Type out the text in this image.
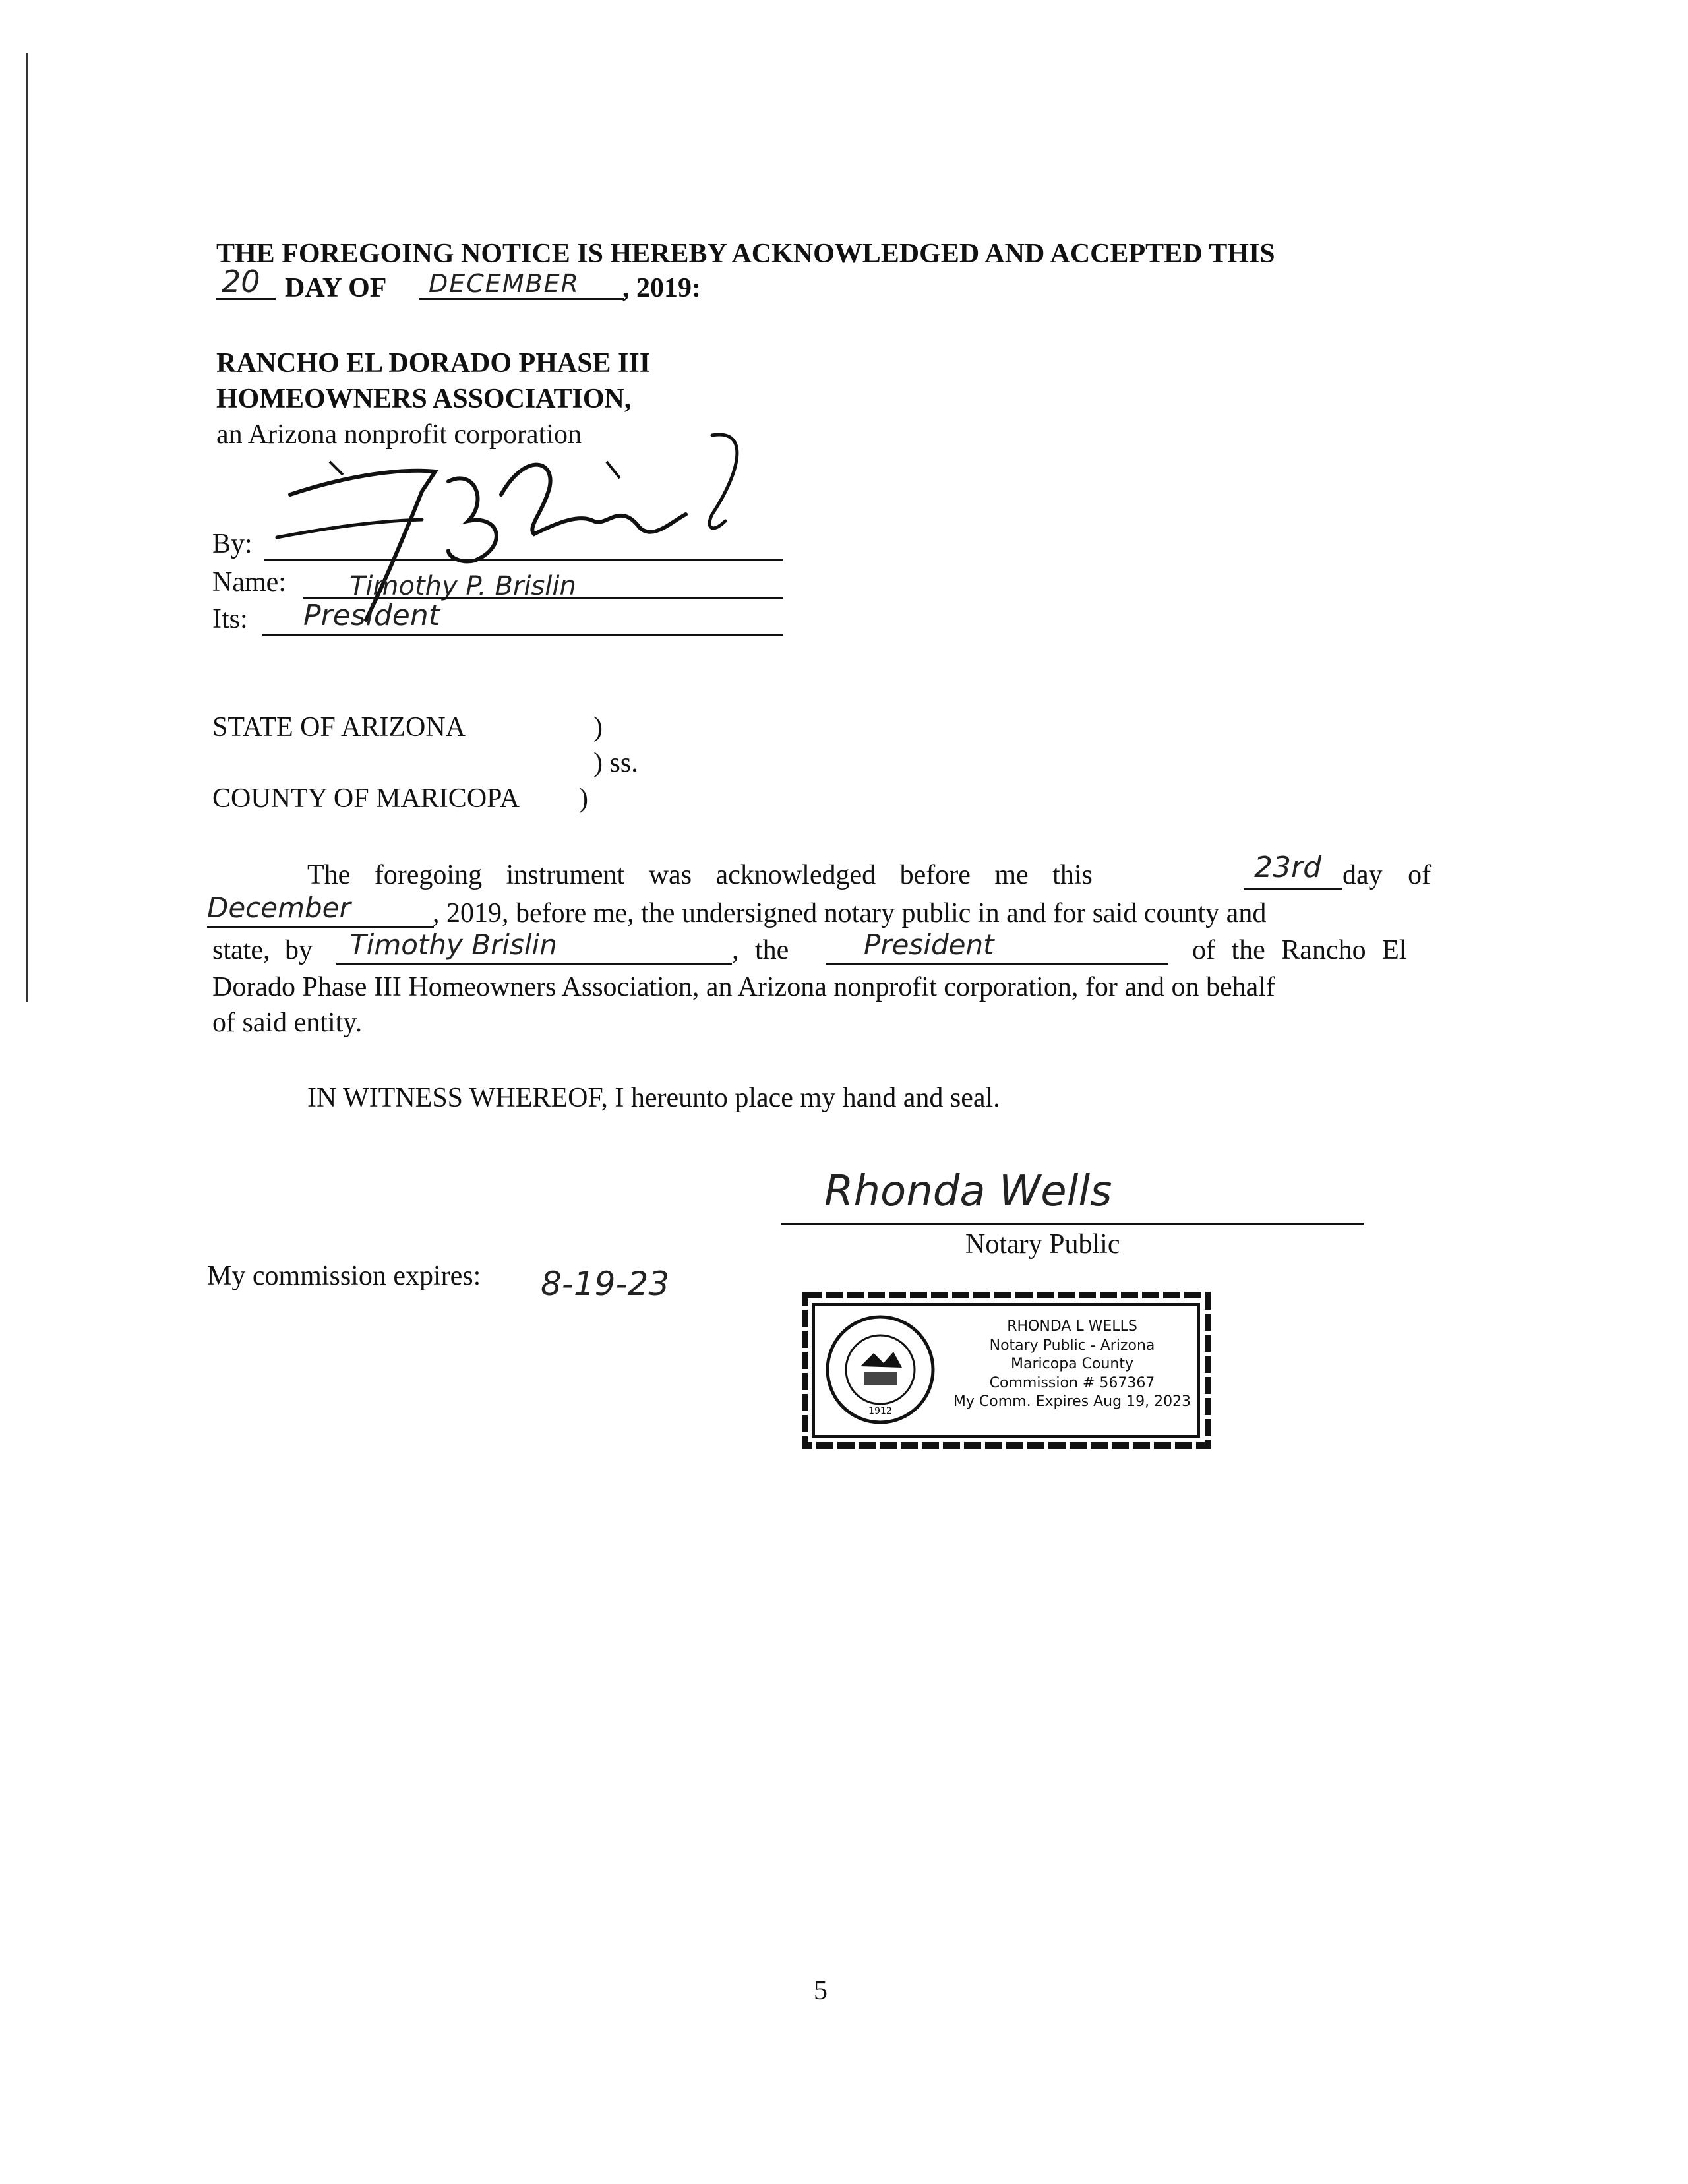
THE FOREGOING NOTICE IS HEREBY ACKNOWLEDGED AND ACCEPTED THIS
20 DAY OF DECEMBER , 2019:
RANCHO EL DORADO PHASE III
HOMEOWNERS ASSOCIATION,
an Arizona nonprofit corporation
By:
Name: Timothy P. Brislin
Its: President
STATE OF ARIZONA	)
) ss.
COUNTY OF MARICOPA )
The foregoing instrument was acknowledged before me this	23rd day of
December	, 2019, before me, the undersigned notary public in and for said county and
state, by Timothy Brislin	, the	President	of the Rancho El
Dorado Phase III Homeowners Association, an Arizona nonprofit corporation, for and on behalf
of said entity.
IN WITNESS WHEREOF, I hereunto place my hand and seal.
Rhonda Wells
Notary Public
My commission expires: 8-19-23
1912
RHONDA L WELLS
Notary Public - Arizona
Maricopa County
Commission # 567367
My Comm. Expires Aug 19, 2023
5
